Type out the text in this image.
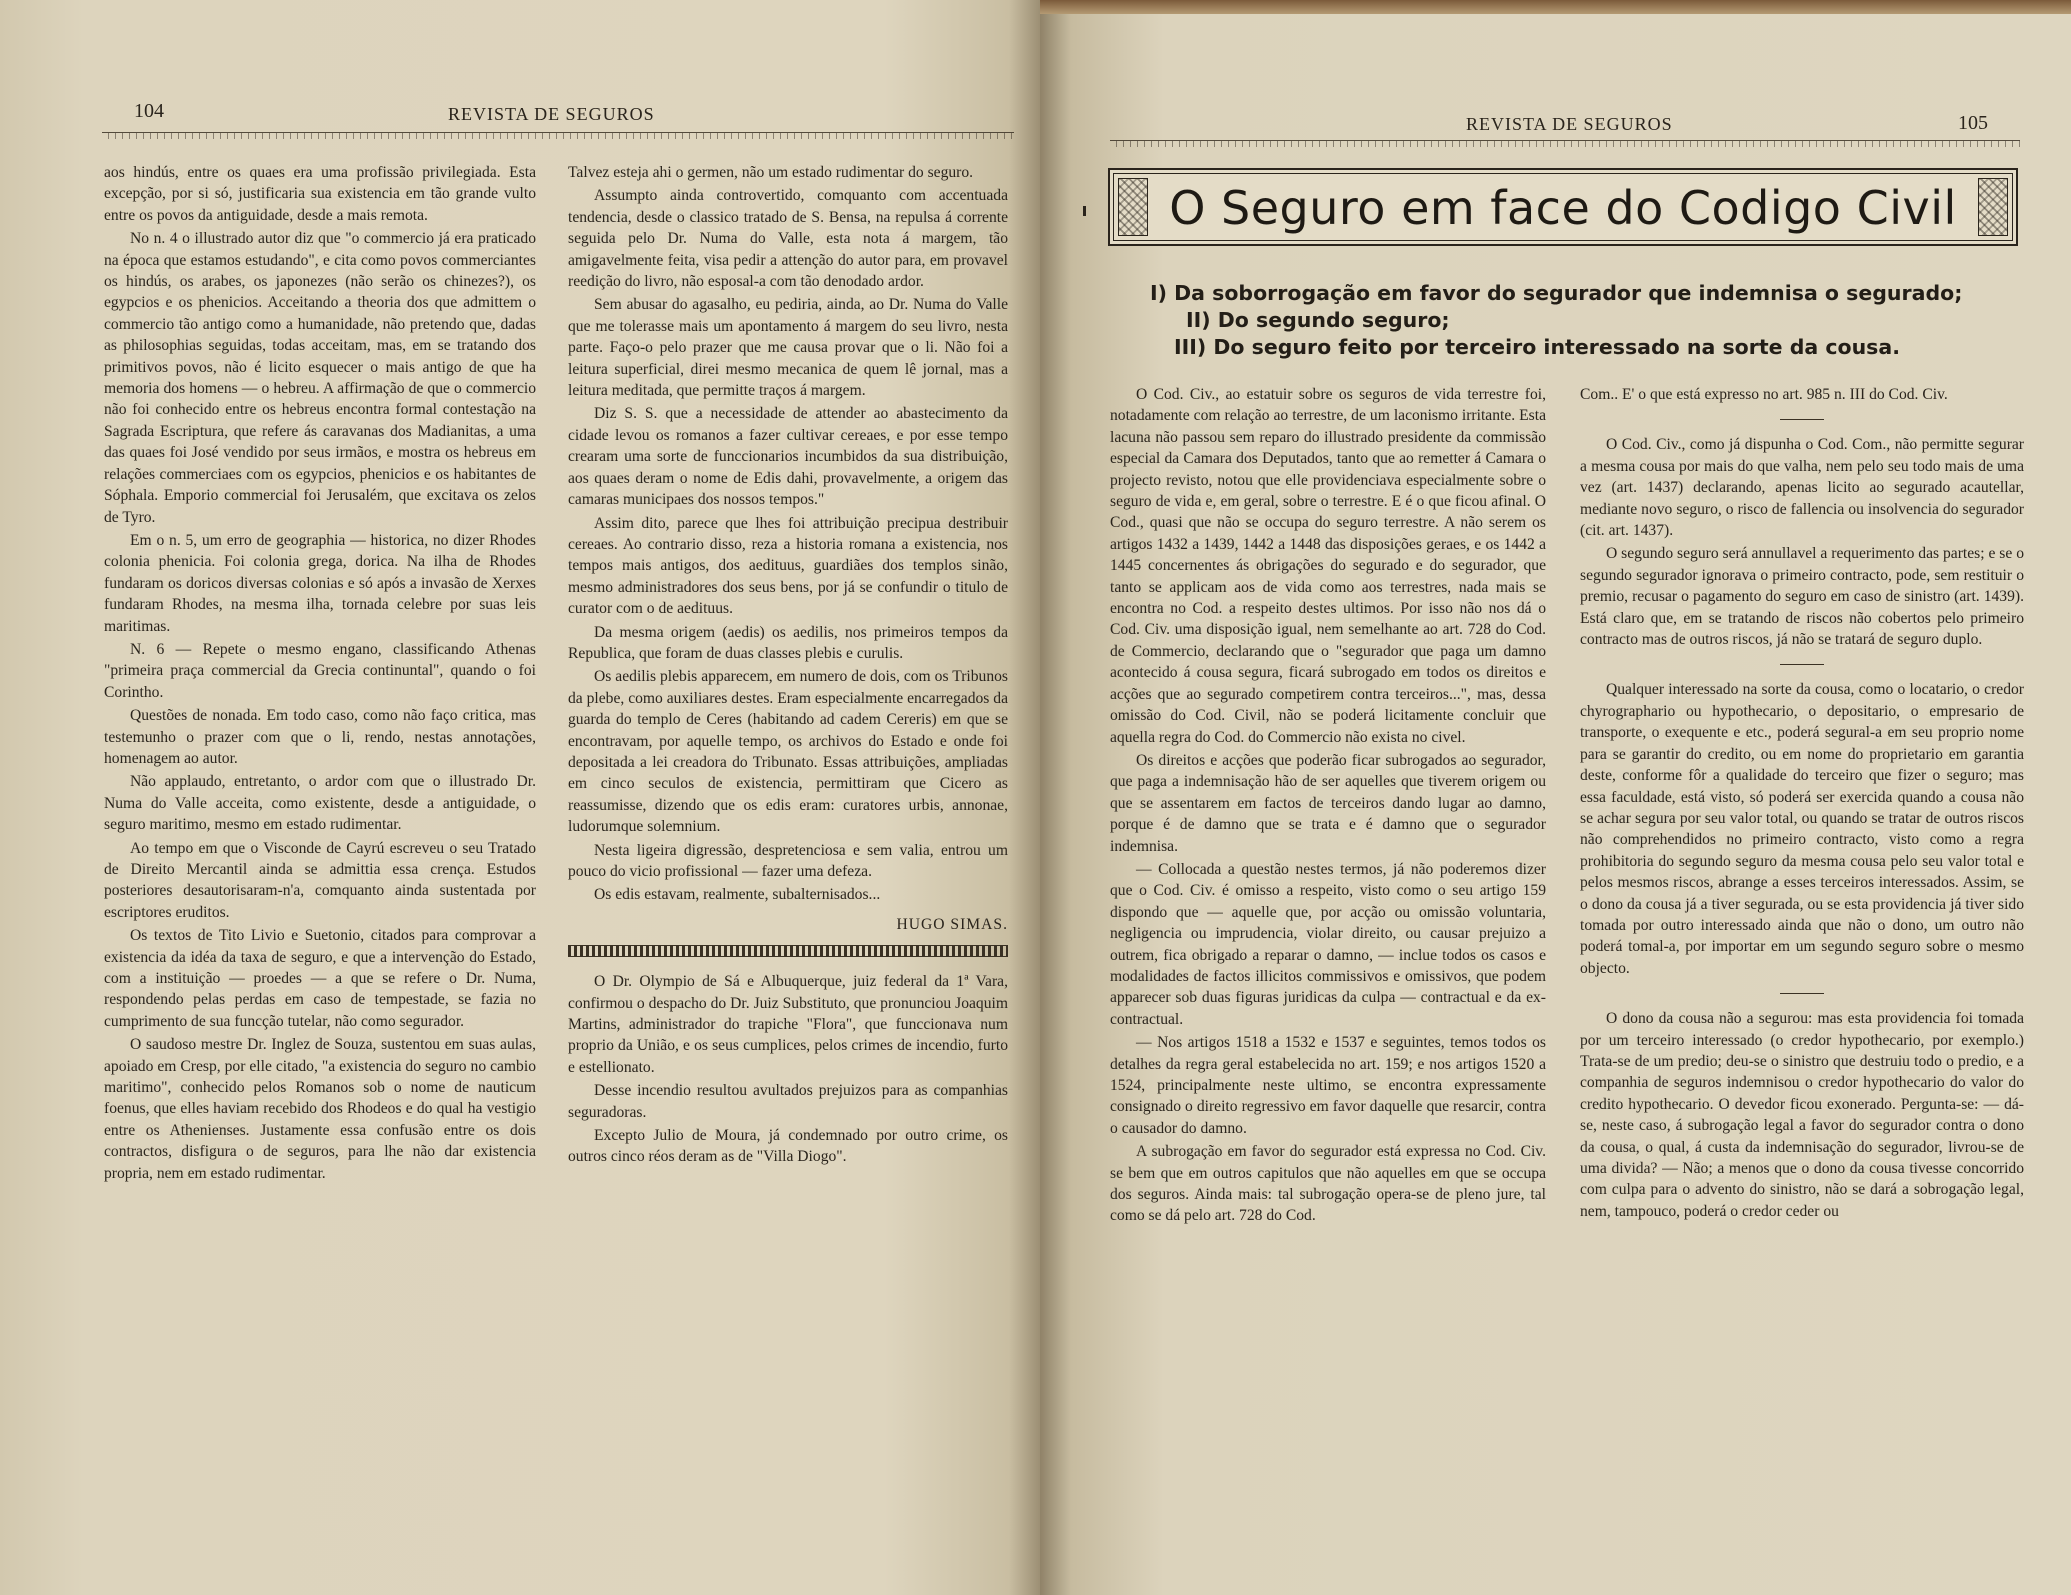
104	REVISTA DE SEGUROS

aos hindús, entre os quaes era uma profissão privilegiada. Esta excepção, por si só, justificaria sua existencia em tão grande vulto entre os povos da antiguidade, desde a mais remota.

No n. 4 o illustrado autor diz que "o commercio já era praticado na época que estamos estudando", e cita como povos commerciantes os hindús, os arabes, os japonezes (não serão os chinezes?), os egypcios e os phenicios. Acceitando a theoria dos que admittem o commercio tão antigo como a humanidade, não pretendo que, dadas as philosophias seguidas, todas acceitam, mas, em se tratando dos primitivos povos, não é licito esquecer o mais antigo de que ha memoria dos homens — o hebreu. A affirmação de que o commercio não foi conhecido entre os hebreus encontra formal contestação na Sagrada Escriptura, que refere ás caravanas dos Madianitas, a uma das quaes foi José vendido por seus irmãos, e mostra os hebreus em relações commerciaes com os egypcios, phenicios e os habitantes de Sóphala. Emporio commercial foi Jerusalém, que excitava os zelos de Tyro.

Em o n. 5, um erro de geographia — historica, no dizer Rhodes colonia phenicia. Foi colonia grega, dorica. Na ilha de Rhodes fundaram os doricos diversas colonias e só após a invasão de Xerxes fundaram Rhodes, na mesma ilha, tornada celebre por suas leis maritimas.

N. 6 — Repete o mesmo engano, classificando Athenas "primeira praça commercial da Grecia continuntal", quando o foi Corintho.

Questões de nonada. Em todo caso, como não faço critica, mas testemunho o prazer com que o li, rendo, nestas annotações, homenagem ao autor.

Não applaudo, entretanto, o ardor com que o illustrado Dr. Numa do Valle acceita, como existente, desde a antiguidade, o seguro maritimo, mesmo em estado rudimentar.

Ao tempo em que o Visconde de Cayrú escreveu o seu Tratado de Direito Mercantil ainda se admittia essa crença. Estudos posteriores desautorisaram-n'a, comquanto ainda sustentada por escriptores eruditos.

Os textos de Tito Livio e Suetonio, citados para comprovar a existencia da idéa da taxa de seguro, e que a intervenção do Estado, com a instituição — proedes — a que se refere o Dr. Numa, respondendo pelas perdas em caso de tempestade, se fazia no cumprimento de sua funcção tutelar, não como segurador.

O saudoso mestre Dr. Inglez de Souza, sustentou em suas aulas, apoiado em Cresp, por elle citado, "a existencia do seguro no cambio maritimo", conhecido pelos Romanos sob o nome de nauticum foenus, que elles haviam recebido dos Rhodeos e do qual ha vestigio entre os Athenienses. Justamente essa confusão entre os dois contractos, disfigura o de seguros, para lhe não dar existencia propria, nem em estado rudimentar.

Talvez esteja ahi o germen, não um estado rudimentar do seguro.

Assumpto ainda controvertido, comquanto com accentuada tendencia, desde o classico tratado de S. Bensa, na repulsa á corrente seguida pelo Dr. Numa do Valle, esta nota á margem, tão amigavelmente feita, visa pedir a attenção do autor para, em provavel reedição do livro, não esposal-a com tão denodado ardor.

Sem abusar do agasalho, eu pediria, ainda, ao Dr. Numa do Valle que me tolerasse mais um apontamento á margem do seu livro, nesta parte. Faço-o pelo prazer que me causa provar que o li. Não foi a leitura superficial, direi mesmo mecanica de quem lê jornal, mas a leitura meditada, que permitte traços á margem.

Diz S. S. que a necessidade de attender ao abastecimento da cidade levou os romanos a fazer cultivar cereaes, e por esse tempo crearam uma sorte de funccionarios incumbidos da sua distribuição, aos quaes deram o nome de Edis dahi, provavelmente, a origem das camaras municipaes dos nossos tempos."

Assim dito, parece que lhes foi attribuição precipua destribuir cereaes. Ao contrario disso, reza a historia romana a existencia, nos tempos mais antigos, dos aedituus, guardiães dos templos sinão, mesmo administradores dos seus bens, por já se confundir o titulo de curator com o de aedituus.

Da mesma origem (aedis) os aedilis, nos primeiros tempos da Republica, que foram de duas classes plebis e curulis.

Os aedilis plebis apparecem, em numero de dois, com os Tribunos da plebe, como auxiliares destes. Eram especialmente encarregados da guarda do templo de Ceres (habitando ad cadem Cereris) em que se encontravam, por aquelle tempo, os archivos do Estado e onde foi depositada a lei creadora do Tribunato. Essas attribuições, ampliadas em cinco seculos de existencia, permittiram que Cicero as reassumisse, dizendo que os edis eram: curatores urbis, annonae, ludorumque solemnium.

Nesta ligeira digressão, despretenciosa e sem valia, entrou um pouco do vicio profissional — fazer uma defeza.

Os edis estavam, realmente, subalternisados...

HUGO SIMAS.

O Dr. Olympio de Sá e Albuquerque, juiz federal da 1ª Vara, confirmou o despacho do Dr. Juiz Substituto, que pronunciou Joaquim Martins, administrador do trapiche "Flora", que funccionava num proprio da União, e os seus cumplices, pelos crimes de incendio, furto e estellionato.

Desse incendio resultou avultados prejuizos para as companhias seguradoras.

Excepto Julio de Moura, já condemnado por outro crime, os outros cinco réos deram as de "Villa Diogo".

REVISTA DE SEGUROS	105
O Seguro em face do Codigo Civil
I) Da soborrogação em favor do segurador que indemnisa o segurado;
II) Do segundo seguro;
III) Do seguro feito por terceiro interessado na sorte da cousa.

O Cod. Civ., ao estatuir sobre os seguros de vida terrestre foi, notadamente com relação ao terrestre, de um laconismo irritante. Esta lacuna não passou sem reparo do illustrado presidente da commissão especial da Camara dos Deputados, tanto que ao remetter á Camara o projecto revisto, notou que elle providenciava especialmente sobre o seguro de vida e, em geral, sobre o terrestre. E é o que ficou afinal. O Cod., quasi que não se occupa do seguro terrestre. A não serem os artigos 1432 a 1439, 1442 a 1448 das disposições geraes, e os 1442 a 1445 concernentes ás obrigações do segurado e do segurador, que tanto se applicam aos de vida como aos terrestres, nada mais se encontra no Cod. a respeito destes ultimos. Por isso não nos dá o Cod. Civ. uma disposição igual, nem semelhante ao art. 728 do Cod. de Commercio, declarando que o "segurador que paga um damno acontecido á cousa segura, ficará subrogado em todos os direitos e acções que ao segurado competirem contra terceiros...", mas, dessa omissão do Cod. Civil, não se poderá licitamente concluir que aquella regra do Cod. do Commercio não exista no civel.

Os direitos e acções que poderão ficar subrogados ao segurador, que paga a indemnisação hão de ser aquelles que tiverem origem ou que se assentarem em factos de terceiros dando lugar ao damno, porque é de damno que se trata e é damno que o segurador indemnisa.

— Collocada a questão nestes termos, já não poderemos dizer que o Cod. Civ. é omisso a respeito, visto como o seu artigo 159 dispondo que — aquelle que, por acção ou omissão voluntaria, negligencia ou imprudencia, violar direito, ou causar prejuizo a outrem, fica obrigado a reparar o damno, — inclue todos os casos e modalidades de factos illicitos commissivos e omissivos, que podem apparecer sob duas figuras juridicas da culpa — contractual e da ex-contractual.

— Nos artigos 1518 a 1532 e 1537 e seguintes, temos todos os detalhes da regra geral estabelecida no art. 159; e nos artigos 1520 a 1524, principalmente neste ultimo, se encontra expressamente consignado o direito regressivo em favor daquelle que resarcir, contra o causador do damno.

A subrogação em favor do segurador está expressa no Cod. Civ. se bem que em outros capitulos que não aquelles em que se occupa dos seguros. Ainda mais: tal subrogação opera-se de pleno jure, tal como se dá pelo art. 728 do Cod.

Com.. E' o que está expresso no art. 985 n. III do Cod. Civ.

O Cod. Civ., como já dispunha o Cod. Com., não permitte segurar a mesma cousa por mais do que valha, nem pelo seu todo mais de uma vez (art. 1437) declarando, apenas licito ao segurado acautellar, mediante novo seguro, o risco de fallencia ou insolvencia do segurador (cit. art. 1437).

O segundo seguro será annullavel a requerimento das partes; e se o segundo segurador ignorava o primeiro contracto, pode, sem restituir o premio, recusar o pagamento do seguro em caso de sinistro (art. 1439). Está claro que, em se tratando de riscos não cobertos pelo primeiro contracto mas de outros riscos, já não se tratará de seguro duplo.

Qualquer interessado na sorte da cousa, como o locatario, o credor chyrographario ou hypothecario, o depositario, o empresario de transporte, o exequente e etc., poderá segural-a em seu proprio nome para se garantir do credito, ou em nome do proprietario em garantia deste, conforme fôr a qualidade do terceiro que fizer o seguro; mas essa faculdade, está visto, só poderá ser exercida quando a cousa não se achar segura por seu valor total, ou quando se tratar de outros riscos não comprehendidos no primeiro contracto, visto como a regra prohibitoria do segundo seguro da mesma cousa pelo seu valor total e pelos mesmos riscos, abrange a esses terceiros interessados. Assim, se o dono da cousa já a tiver segurada, ou se esta providencia já tiver sido tomada por outro interessado ainda que não o dono, um outro não poderá tomal-a, por importar em um segundo seguro sobre o mesmo objecto.

O dono da cousa não a segurou: mas esta providencia foi tomada por um terceiro interessado (o credor hypothecario, por exemplo.) Trata-se de um predio; deu-se o sinistro que destruiu todo o predio, e a companhia de seguros indemnisou o credor hypothecario do valor do credito hypothecario. O devedor ficou exonerado. Pergunta-se: — dá-se, neste caso, á subrogação legal a favor do segurador contra o dono da cousa, o qual, á custa da indemnisação do segurador, livrou-se de uma divida? — Não; a menos que o dono da cousa tivesse concorrido com culpa para o advento do sinistro, não se dará a sobrogação legal, nem, tampouco, poderá o credor ceder ou
